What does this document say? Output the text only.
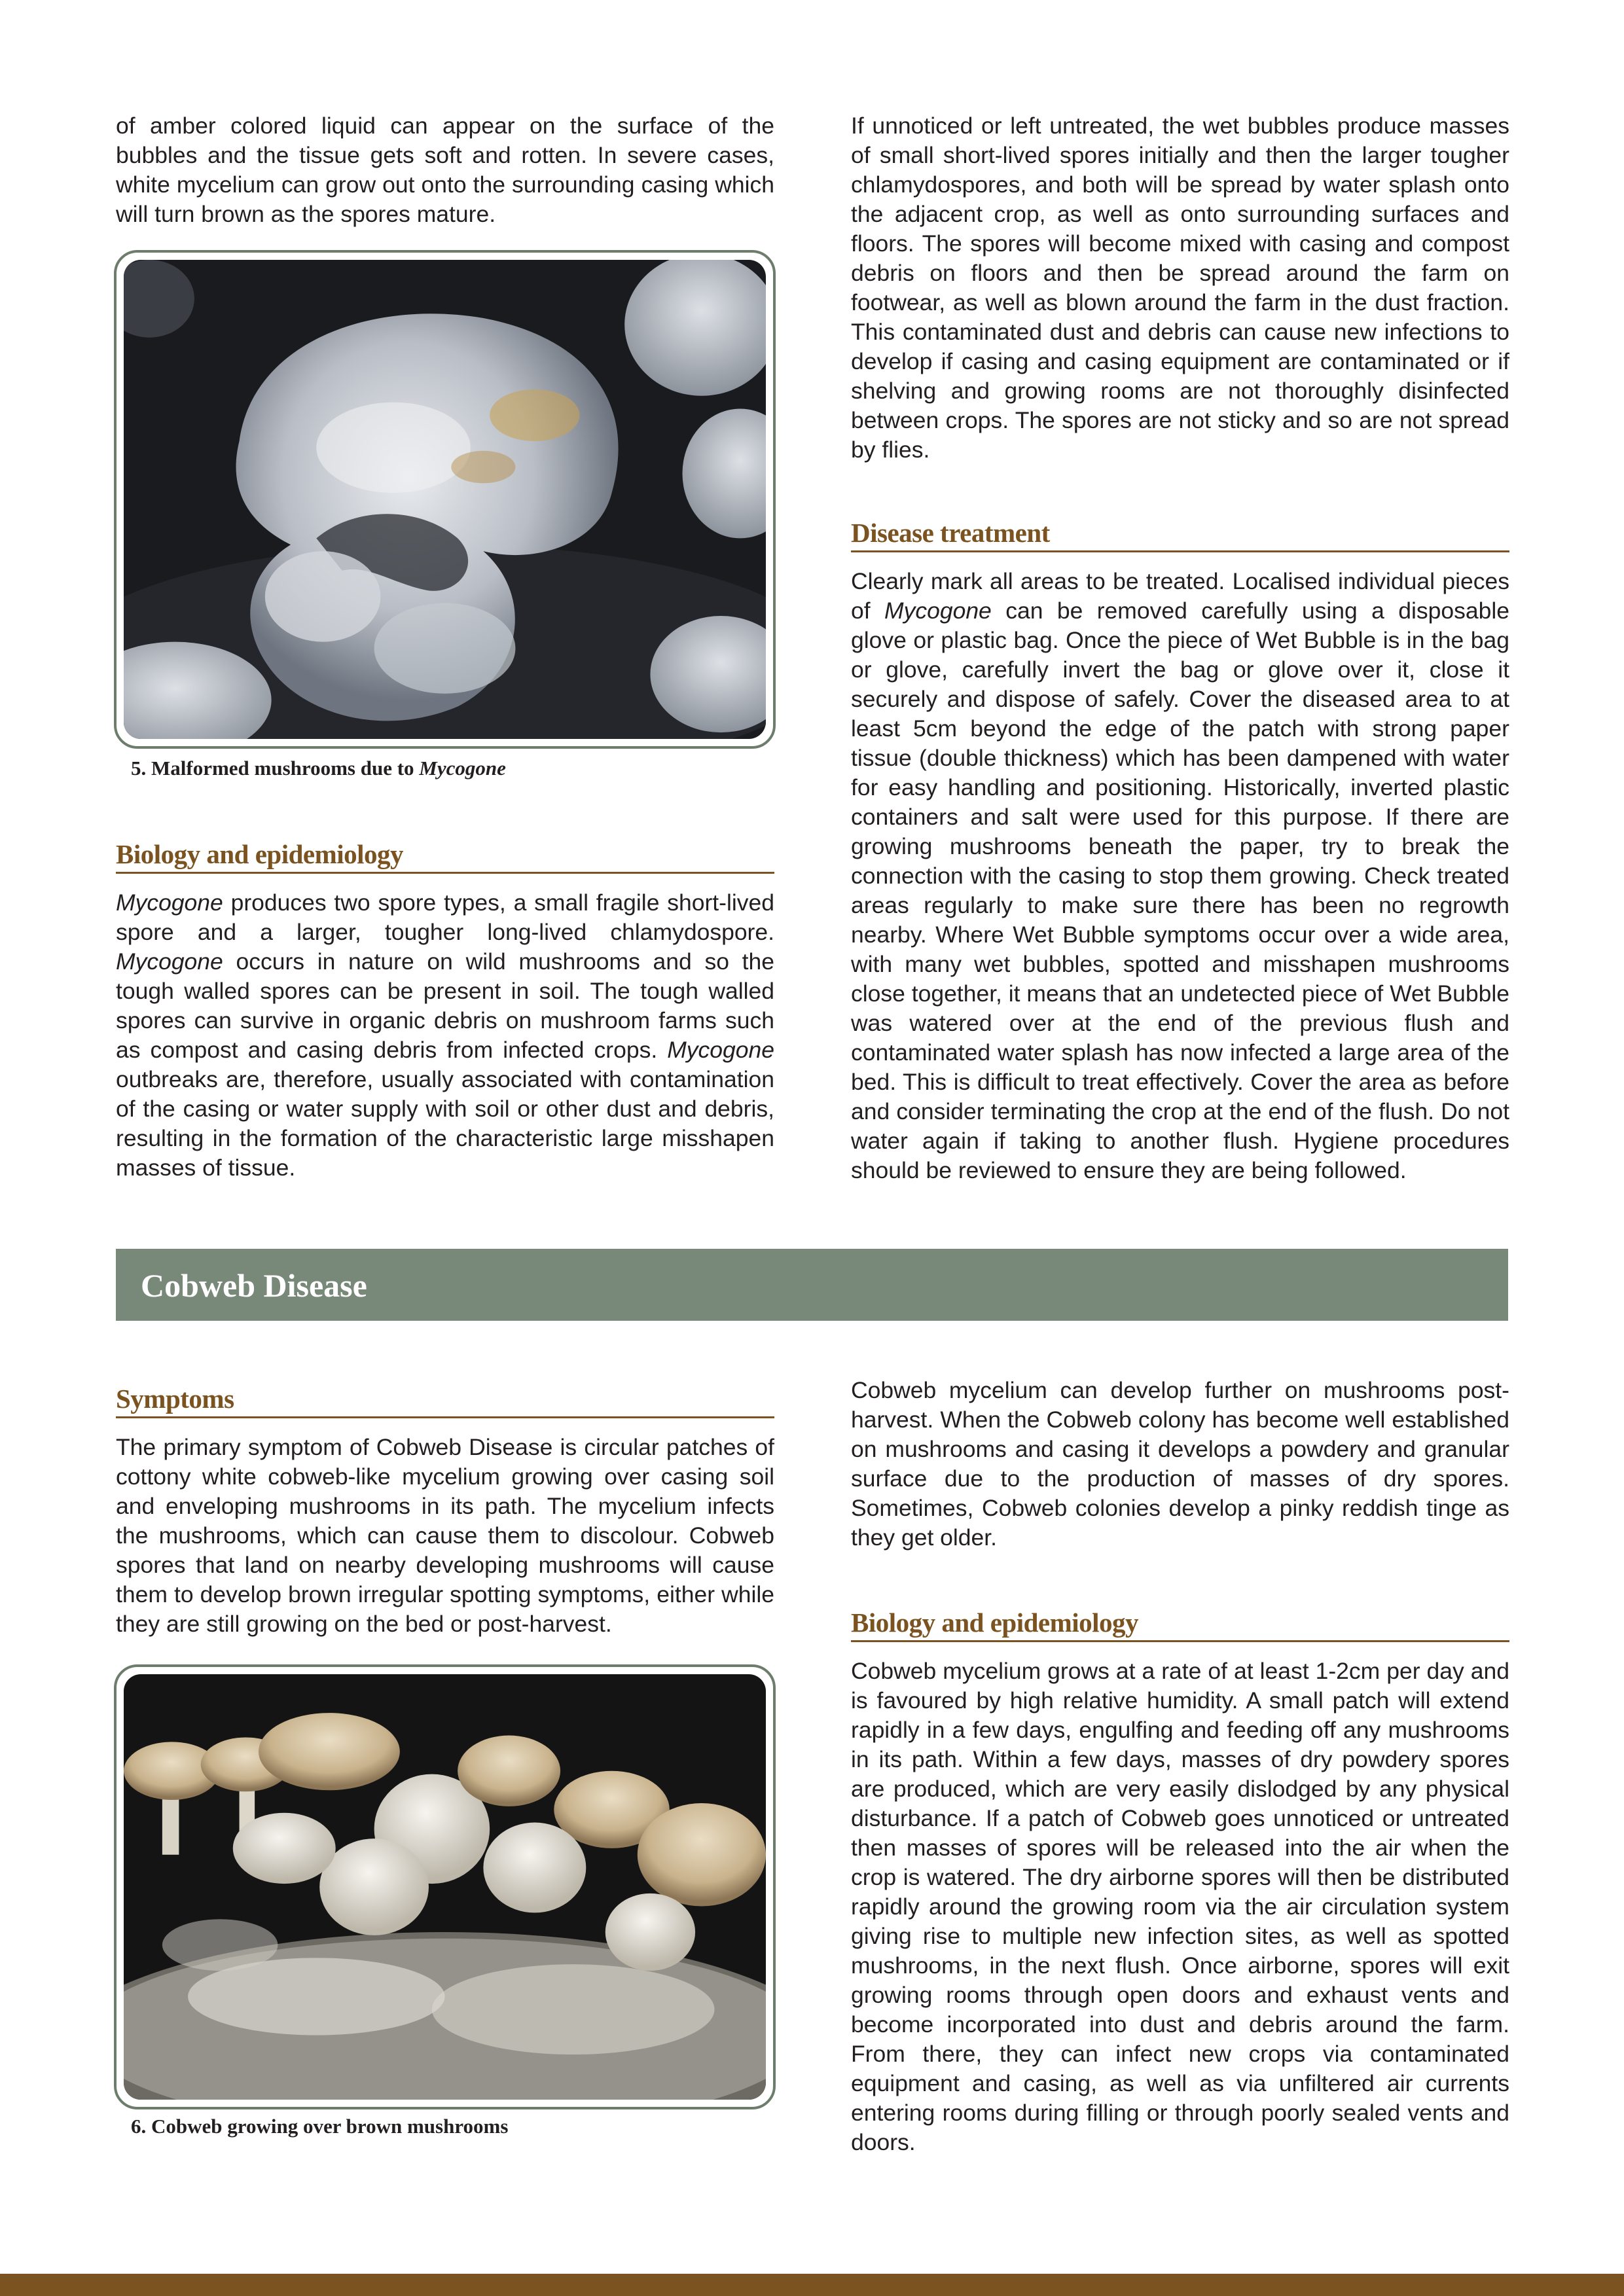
of amber colored liquid can appear on the surface of the bubbles and the tissue gets soft and rotten. In severe cases, white mycelium can grow out onto the surrounding casing which will turn brown as the spores mature.

5. Malformed mushrooms due to Mycogone
Biology and epidemiology

Mycogone produces two spore types, a small fragile short-lived spore and a larger, tougher long-lived chlamydospore. Mycogone occurs in nature on wild mushrooms and so the tough walled spores can be present in soil. The tough walled spores can survive in organic debris on mushroom farms such as compost and casing debris from infected crops. Mycogone outbreaks are, therefore, usually associated with contamination of the casing or water supply with soil or other dust and debris, resulting in the formation of the characteristic large misshapen masses of tissue.

If unnoticed or left untreated, the wet bubbles produce masses of small short-lived spores initially and then the larger tougher chlamydospores, and both will be spread by water splash onto the adjacent crop, as well as onto surrounding surfaces and floors. The spores will become mixed with casing and compost debris on floors and then be spread around the farm on footwear, as well as blown around the farm in the dust fraction. This contaminated dust and debris can cause new infections to develop if casing and casing equipment are contaminated or if shelving and growing rooms are not thoroughly disinfected between crops. The spores are not sticky and so are not spread by flies.

Disease treatment

Clearly mark all areas to be treated. Localised individual pieces of Mycogone can be removed carefully using a disposable glove or plastic bag. Once the piece of Wet Bubble is in the bag or glove, carefully invert the bag or glove over it, close it securely and dispose of safely. Cover the diseased area to at least 5cm beyond the edge of the patch with strong paper tissue (double thickness) which has been dampened with water for easy handling and positioning. Historically, inverted plastic containers and salt were used for this purpose. If there are growing mushrooms beneath the paper, try to break the connection with the casing to stop them growing. Check treated areas regularly to make sure there has been no regrowth nearby. Where Wet Bubble symptoms occur over a wide area, with many wet bubbles, spotted and misshapen mushrooms close together, it means that an undetected piece of Wet Bubble was watered over at the end of the previous flush and contaminated water splash has now infected a large area of the bed. This is difficult to treat effectively. Cover the area as before and consider terminating the crop at the end of the flush. Do not water again if taking to another flush. Hygiene procedures should be reviewed to ensure they are being followed.

Cobweb Disease
Symptoms

The primary symptom of Cobweb Disease is circular patches of cottony white cobweb-like mycelium growing over casing soil and enveloping mushrooms in its path. The mycelium infects the mushrooms, which can cause them to discolour. Cobweb spores that land on nearby developing mushrooms will cause them to develop brown irregular spotting symptoms, either while they are still growing on the bed or post-harvest.

6. Cobweb growing over brown mushrooms

Cobweb mycelium can develop further on mushrooms post-harvest. When the Cobweb colony has become well established on mushrooms and casing it develops a powdery and granular surface due to the production of masses of dry spores. Sometimes, Cobweb colonies develop a pinky reddish tinge as they get older.

Biology and epidemiology

Cobweb mycelium grows at a rate of at least 1-2cm per day and is favoured by high relative humidity. A small patch will extend rapidly in a few days, engulfing and feeding off any mushrooms in its path. Within a few days, masses of dry powdery spores are produced, which are very easily dislodged by any physical disturbance. If a patch of Cobweb goes unnoticed or untreated then masses of spores will be released into the air when the crop is watered. The dry airborne spores will then be distributed rapidly around the growing room via the air circulation system giving rise to multiple new infection sites, as well as spotted mushrooms, in the next flush. Once airborne, spores will exit growing rooms through open doors and exhaust vents and become incorporated into dust and debris around the farm. From there, they can infect new crops via contaminated equipment and casing, as well as via unfiltered air currents entering rooms during filling or through poorly sealed vents and doors.
